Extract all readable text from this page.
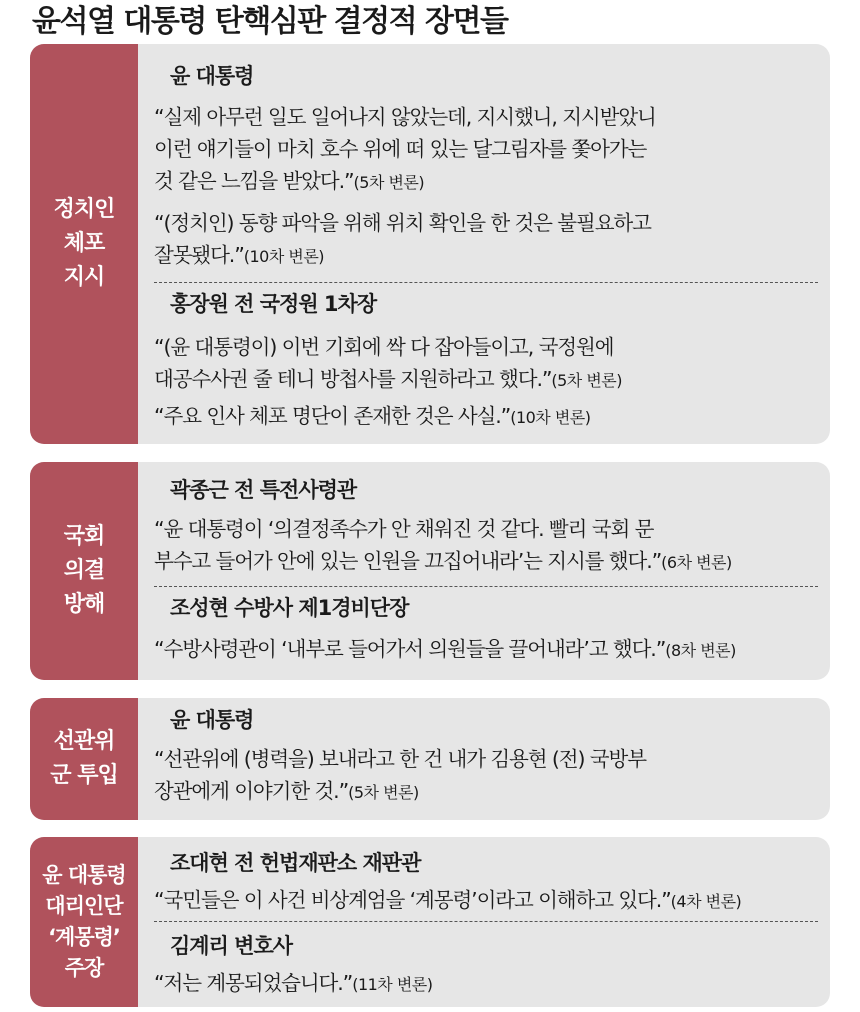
윤석열 대통령 탄핵심판 결정적 장면들
정치인
체포
지시
윤 대통령
“실제 아무런 일도 일어나지 않았는데, 지시했니, 지시받았니
이런 얘기들이 마치 호수 위에 떠 있는 달그림자를 쫓아가는
것 같은 느낌을 받았다.”(5차 변론)
“(정치인) 동향 파악을 위해 위치 확인을 한 것은 불필요하고
잘못됐다.”(10차 변론)
홍장원 전 국정원 1차장
“(윤 대통령이) 이번 기회에 싹 다 잡아들이고, 국정원에
대공수사권 줄 테니 방첩사를 지원하라고 했다.”(5차 변론)
“주요 인사 체포 명단이 존재한 것은 사실.”(10차 변론)
국회
의결
방해
곽종근 전 특전사령관
“윤 대통령이 ‘의결정족수가 안 채워진 것 같다. 빨리 국회 문
부수고 들어가 안에 있는 인원을 끄집어내라’는 지시를 했다.”(6차 변론)
조성현 수방사 제1경비단장
“수방사령관이 ‘내부로 들어가서 의원들을 끌어내라’고 했다.”(8차 변론)
선관위
군 투입
윤 대통령
“선관위에 (병력을) 보내라고 한 건 내가 김용현 (전) 국방부
장관에게 이야기한 것.”(5차 변론)
윤 대통령
대리인단
‘계몽령’
주장
조대현 전 헌법재판소 재판관
“국민들은 이 사건 비상계엄을 ‘계몽령’이라고 이해하고 있다.”(4차 변론)
김계리 변호사
“저는 계몽되었습니다.”(11차 변론)
